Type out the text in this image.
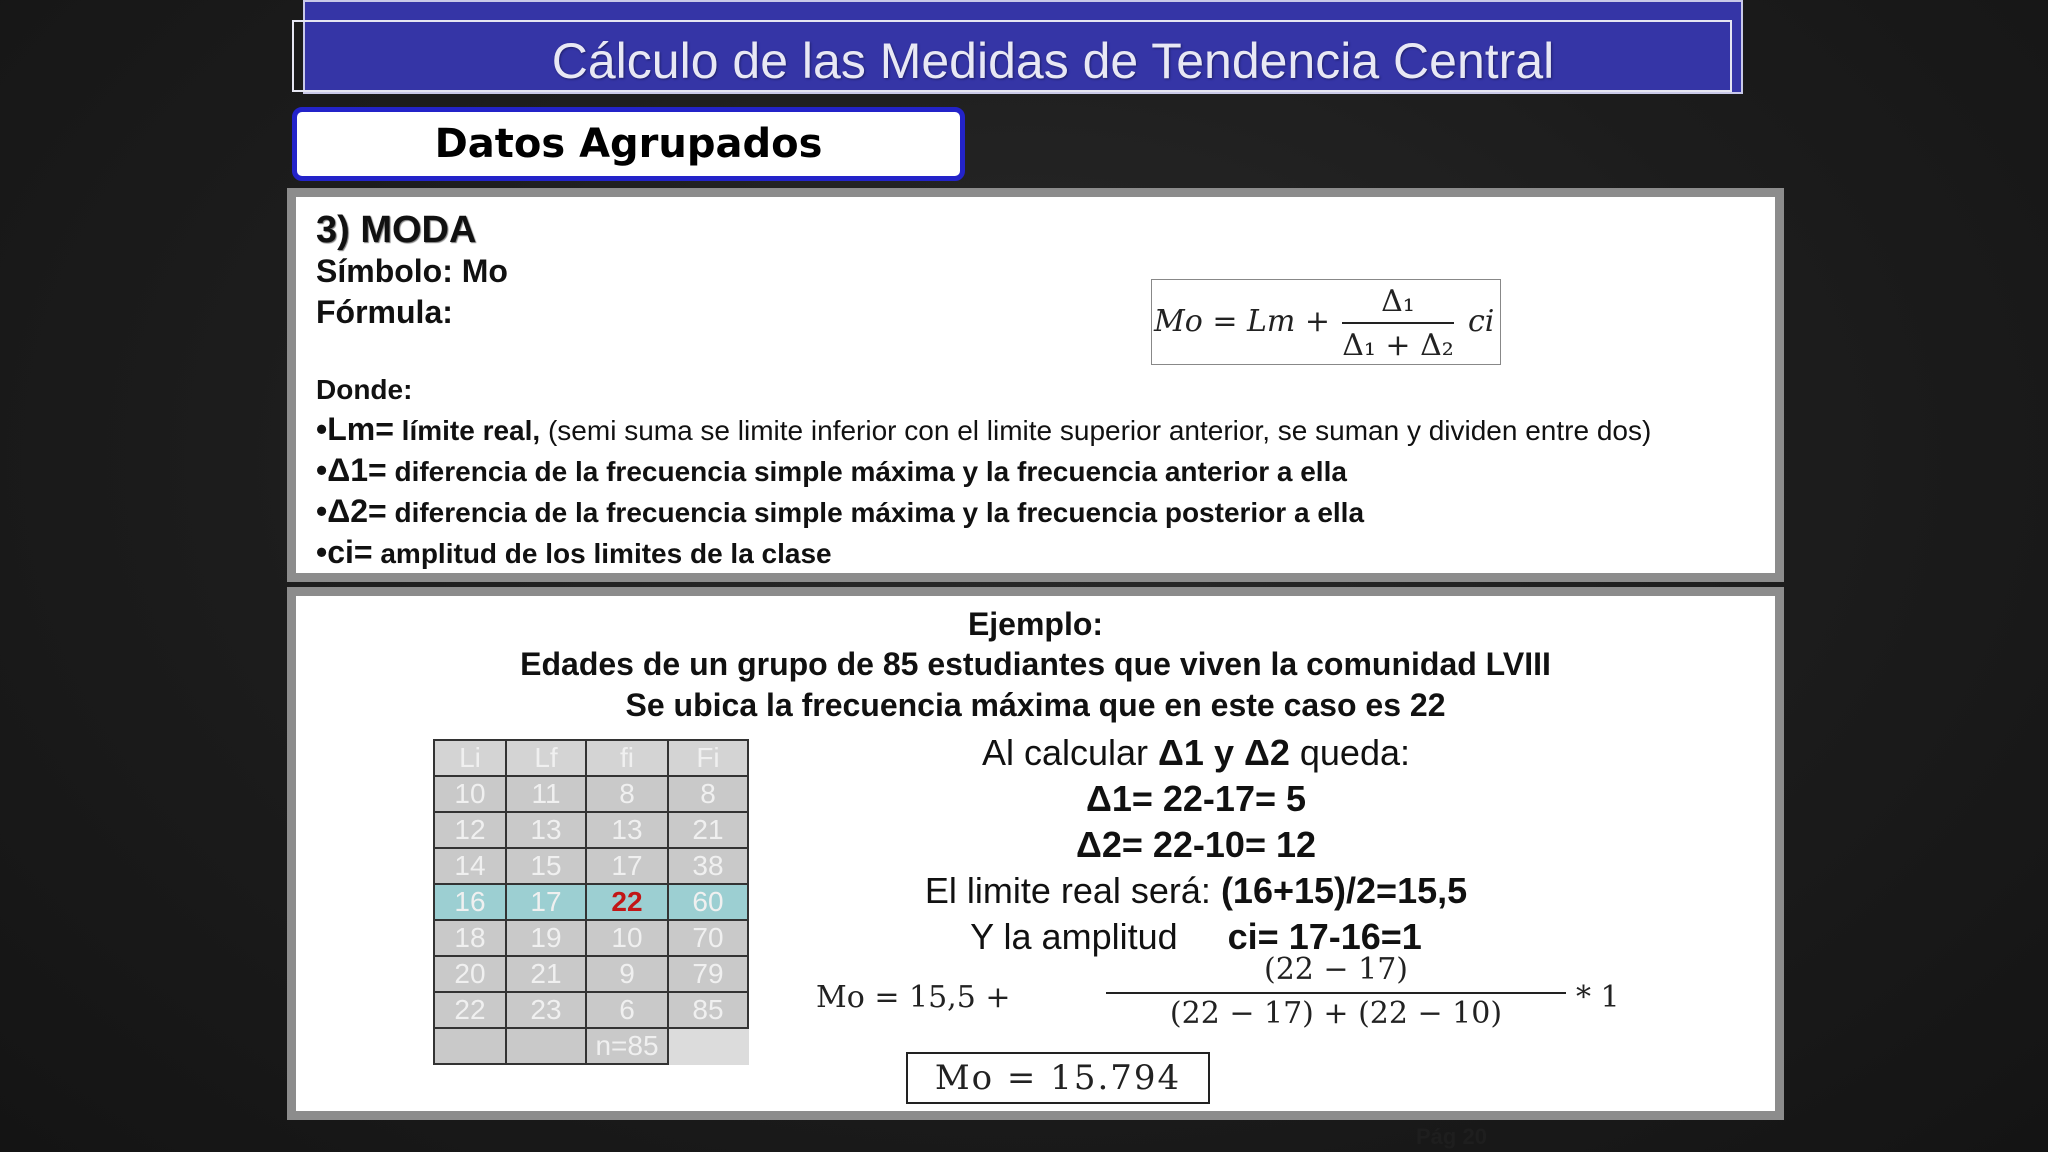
Cálculo de las Medidas de Tendencia Central
Datos Agrupados
3) MODA
Símbolo: Mo
Fórmula:	Mo = Lm +
Δ₁
Δ₁ + Δ₂
ci
Donde:
•Lm= límite real, (semi suma se limite inferior con el limite superior anterior, se suman y dividen entre dos)
•Δ1= diferencia de la frecuencia simple máxima y la frecuencia anterior a ella
•Δ2= diferencia de la frecuencia simple máxima y la frecuencia posterior a ella
•ci= amplitud de los limites de la clase
Ejemplo:
Edades de un grupo de 85 estudiantes que viven la comunidad LVIII
Se ubica la frecuencia máxima que en este caso es 22
Li	Lf	fi	Fi
10	11	8	8
12	13	13	21
14	15	17	38
16	17	22	60
18	19	10	70
20	21	9	79
22	23	6	85
		n=85	
Al calcular Δ1 y Δ2 queda:
Δ1= 22-17= 5
Δ2= 22-10= 12
El limite real será: (16+15)/2=15,5
Y la amplitud ci= 17-16=1
Mo = 15,5 +
(22 − 17)
(22 − 17) + (22 − 10)	* 1
Mo = 15.794
Pág 20
